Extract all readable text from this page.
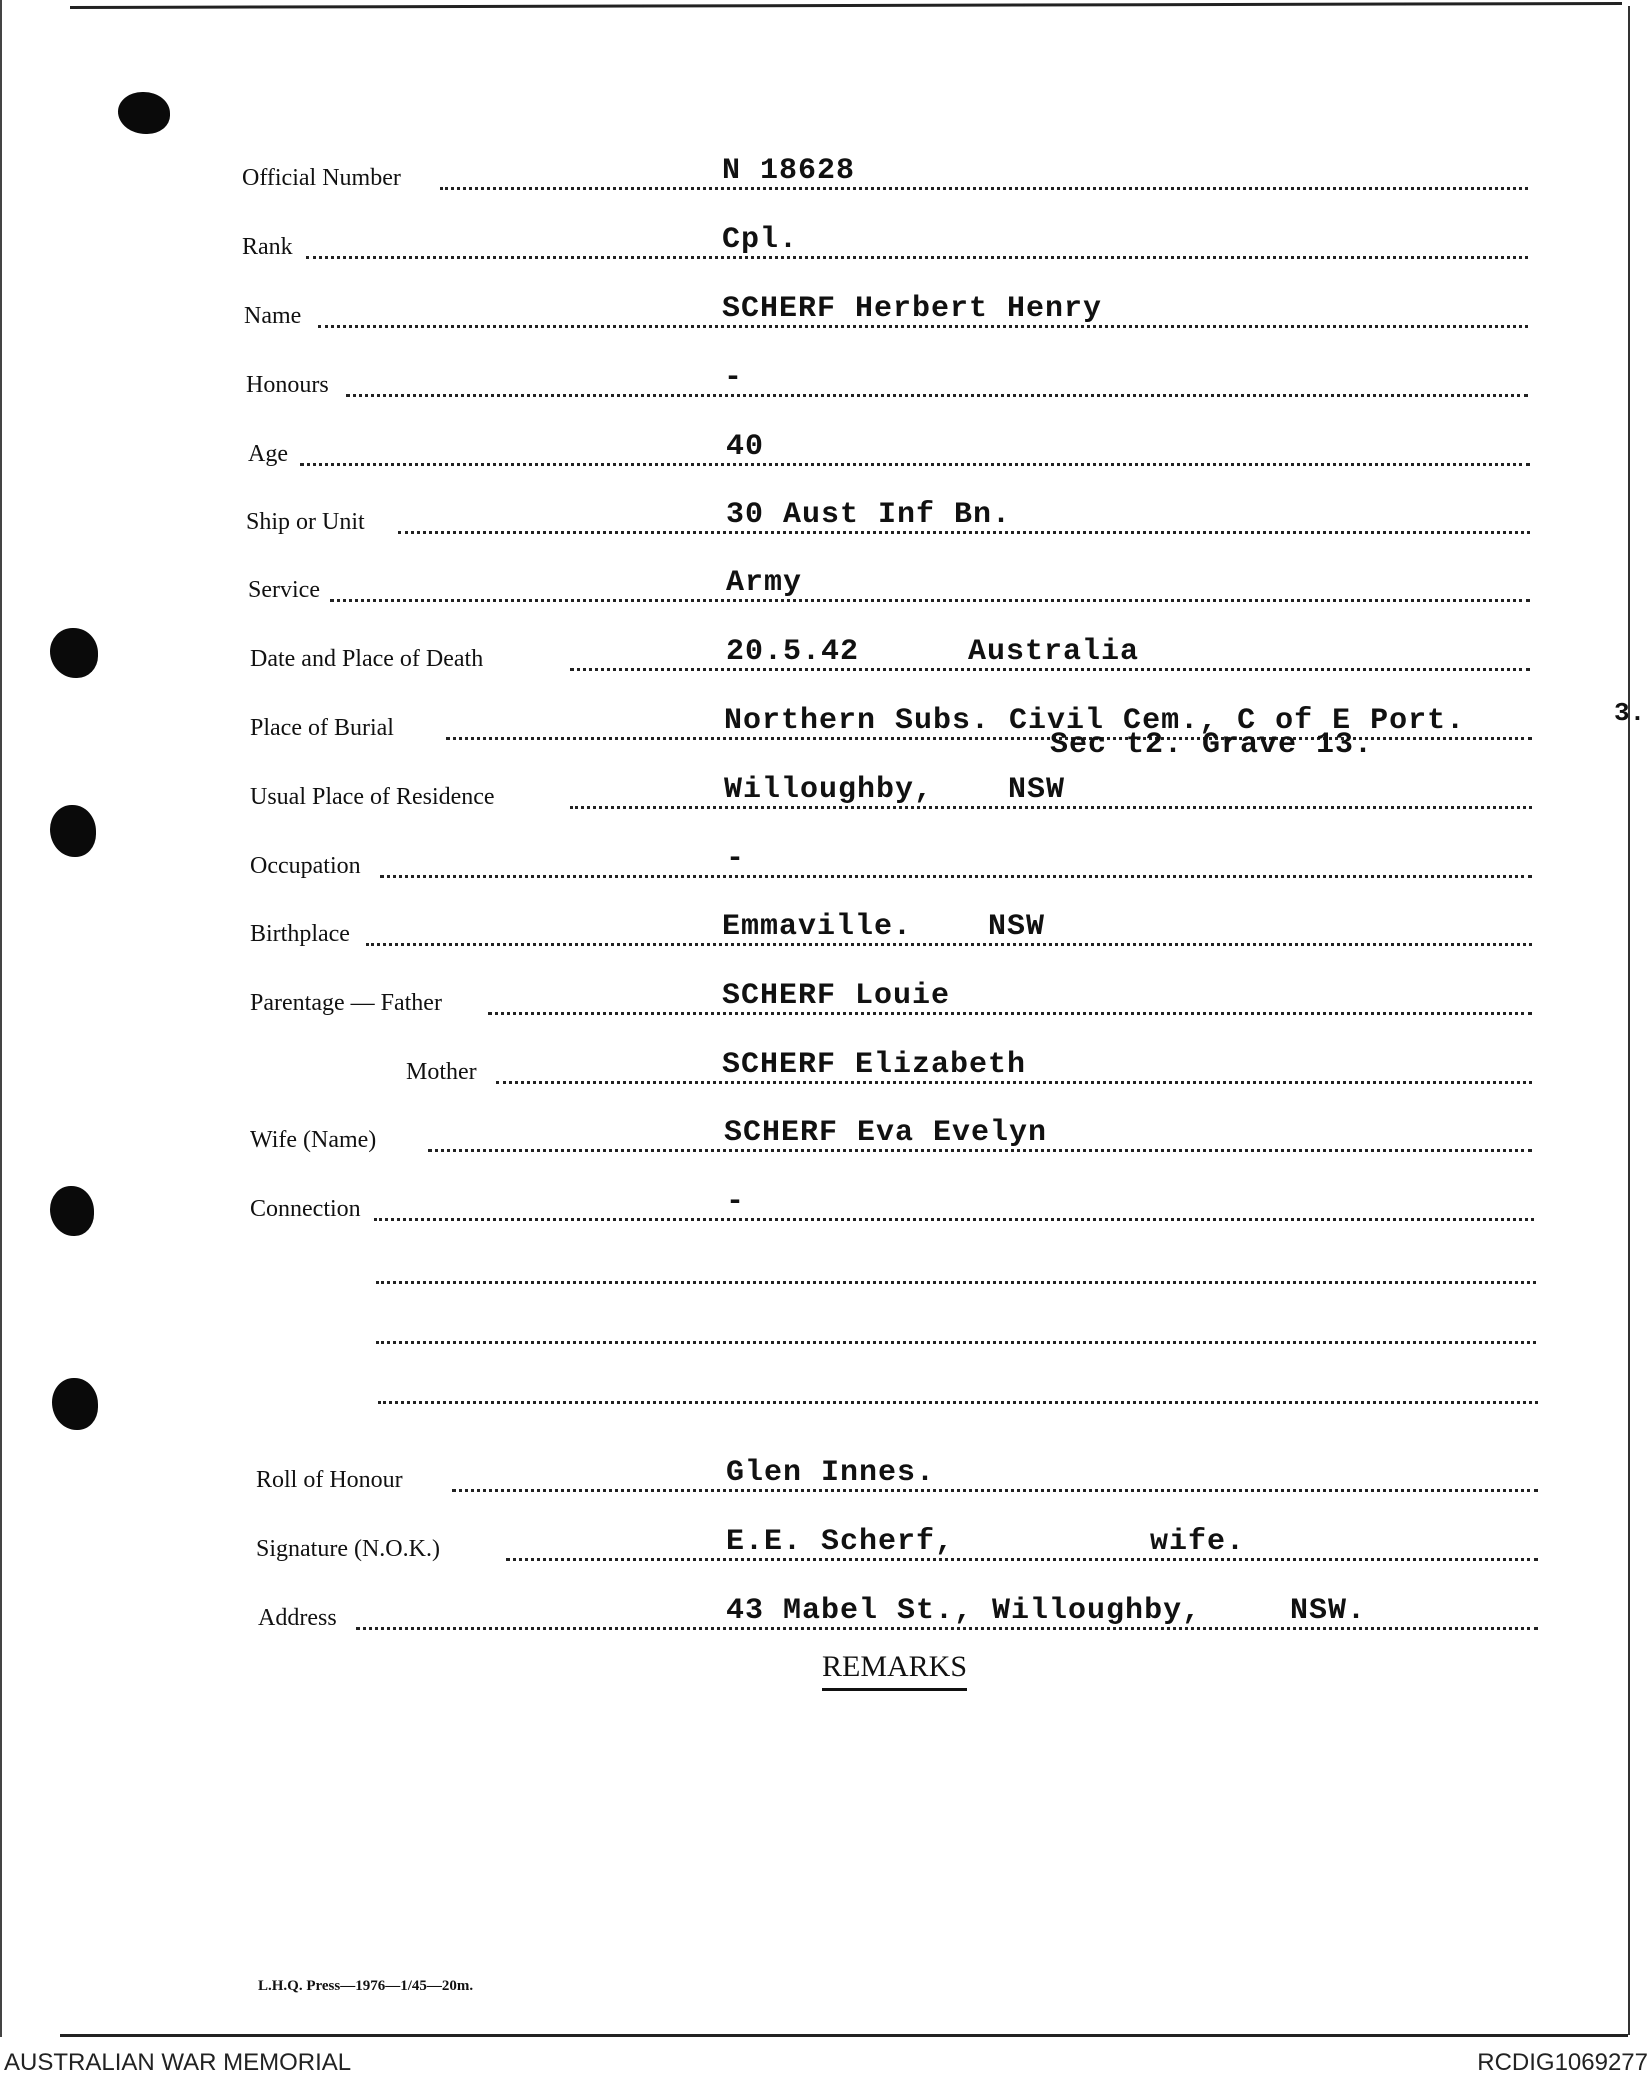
Official Number	N 18628
Rank	Cpl.
Name	SCHERF Herbert Henry
Honours	-
Age	40
Ship or Unit	30 Aust Inf Bn.
Service	Army
Date and Place of Death	20.5.42	Australia
Place of Burial	Northern Subs. Civil Cem., C of E Port.
Sec t2. Grave 13.
3.
Usual Place of Residence	Willoughby, NSW
Occupation	-
Birthplace	Emmaville.	NSW
Parentage — Father	SCHERF Louie
Mother	SCHERF Elizabeth
Wife (Name)	SCHERF Eva Evelyn
Connection	-
Roll of Honour	Glen Innes.
Signature (N.O.K.)	E.E. Scherf,	wife.
Address	43 Mabel St., Willoughby,	NSW.
REMARKS
L.H.Q. Press—1976—1/45—20m.
AUSTRALIAN WAR MEMORIAL	RCDIG1069277
